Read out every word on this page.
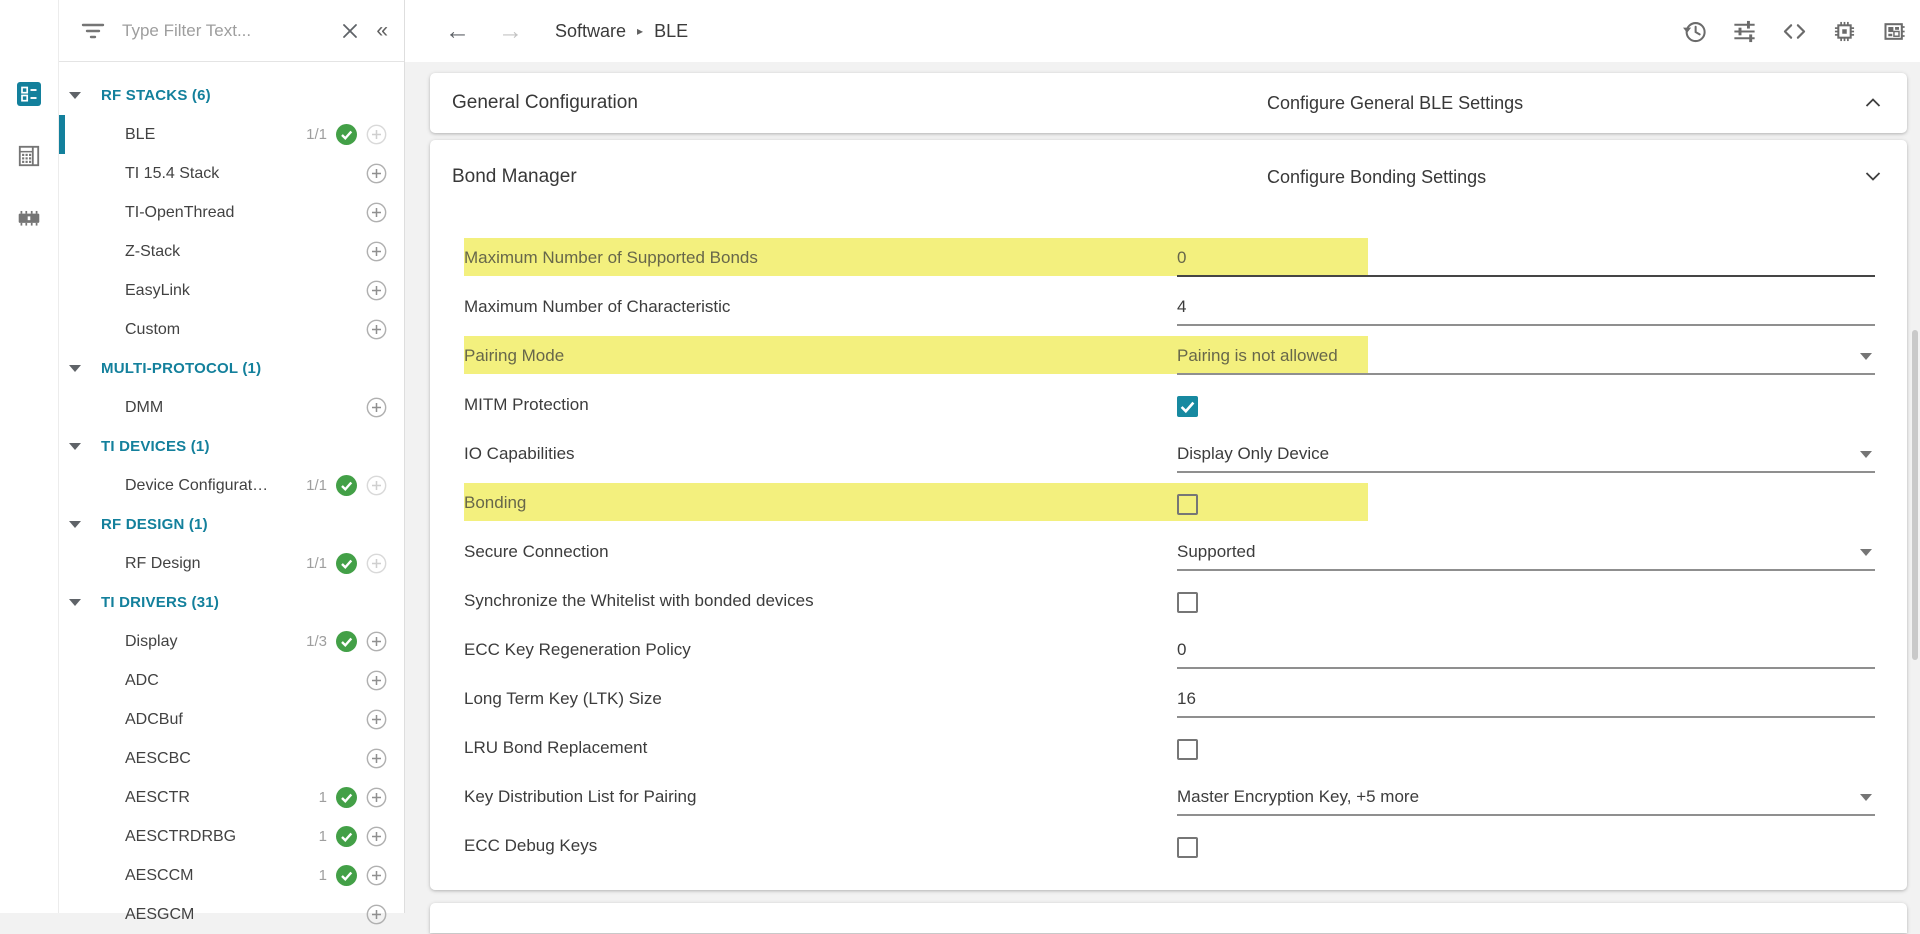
Type Filter Text...
«
RF STACKS (6)
BLE	1/1
TI 15.4 Stack
TI-OpenThread
Z-Stack
EasyLink
Custom
MULTI-PROTOCOL (1)
DMM
TI DEVICES (1)
Device Configurat…	1/1
RF DESIGN (1)
RF Design	1/1
TI DRIVERS (31)
Display	1/3
ADC
ADCBuf
AESCBC
AESCTR	1
AESCTRDRBG	1
AESCCM	1
AESGCM
← → Software ▸ BLE
General Configuration	Configure General BLE Settings
Bond Manager	Configure Bonding Settings
Maximum Number of Supported Bonds	0
Maximum Number of Characteristic	4
Pairing Mode	Pairing is not allowed
MITM Protection
IO Capabilities	Display Only Device
Bonding
Secure Connection	Supported
Synchronize the Whitelist with bonded devices
ECC Key Regeneration Policy	0
Long Term Key (LTK) Size	16
LRU Bond Replacement
Key Distribution List for Pairing	Master Encryption Key, +5 more
ECC Debug Keys
